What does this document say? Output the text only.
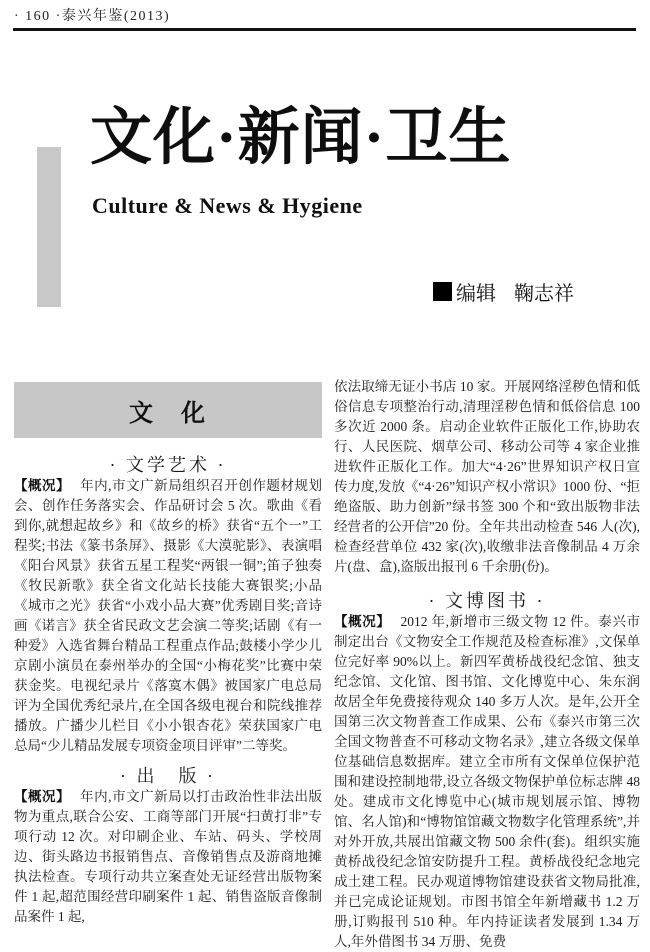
· 160 ·泰兴年鉴(2013)
文化·新闻·卫生
Culture & News & Hygiene
编辑 鞠志祥
文　化
· 文学艺术 ·

【概况】 年内,市文广新局组织召开创作题材规划会、创作任务落实会、作品研讨会 5 次。歌曲《看到你,就想起故乡》和《故乡的桥》获省“五个一”工程奖;书法《篆书条屏》、摄影《大漠驼影》、表演唱《阳台风景》获省五星工程奖“两银一铜”;笛子独奏《牧民新歌》获全省文化站长技能大赛银奖;小品《城市之光》获省“小戏小品大赛”优秀剧目奖;音诗画《诺言》获全省民政文艺会演二等奖;话剧《有一种爱》入选省舞台精品工程重点作品;鼓楼小学少儿京剧小演员在泰州举办的全国“小梅花奖”比赛中荣获金奖。电视纪录片《落寞木偶》被国家广电总局评为全国优秀纪录片,在全国各级电视台和院线推荐播放。广播少儿栏目《小小银杏花》荣获国家广电总局“少儿精品发展专项资金项目评审”二等奖。

· 出　版 ·

【概况】 年内,市文广新局以打击政治性非法出版物为重点,联合公安、工商等部门开展“扫黄打非”专项行动 12 次。对印刷企业、车站、码头、学校周边、街头路边书报销售点、音像销售点及游商地摊执法检查。专项行动共立案查处无证经营出版物案件 1 起,超范围经营印刷案件 1 起、销售盗版音像制品案件 1 起,

依法取缔无证小书店 10 家。开展网络淫秽色情和低俗信息专项整治行动,清理淫秽色情和低俗信息 100 多次近 2000 条。启动企业软件正版化工作,协助农行、人民医院、烟草公司、移动公司等 4 家企业推进软件正版化工作。加大“4·26”世界知识产权日宣传力度,发放《“4·26”知识产权小常识》1000 份、“拒绝盗版、助力创新”绿书签 300 个和“致出版物非法经营者的公开信”20 份。全年共出动检查 546 人(次),检查经营单位 432 家(次),收缴非法音像制品 4 万余片(盘、盒),盗版出报刊 6 千余册(份)。

· 文博图书 ·

【概况】 2012 年,新增市三级文物 12 件。泰兴市制定出台《文物安全工作规范及检查标准》,文保单位完好率 90%以上。新四军黄桥战役纪念馆、独支纪念馆、文化馆、图书馆、文化博览中心、朱东润故居全年免费接待观众 140 多万人次。是年,公开全国第三次文物普查工作成果、公布《泰兴市第三次全国文物普查不可移动文物名录》,建立各级文保单位基础信息数据库。建立全市所有文保单位保护范围和建设控制地带,设立各级文物保护单位标志牌 48 处。建成市文化博览中心(城市规划展示馆、博物馆、名人馆)和“博物馆馆藏文物数字化管理系统”,并对外开放,共展出馆藏文物 500 余件(套)。组织实施黄桥战役纪念馆安防提升工程。黄桥战役纪念地完成土建工程。民办观道博物馆建设获省文物局批准,并已完成论证规划。市图书馆全年新增藏书 1.2 万册,订购报刊 510 种。年内持证读者发展到 1.34 万人,年外借图书 34 万册、免费
